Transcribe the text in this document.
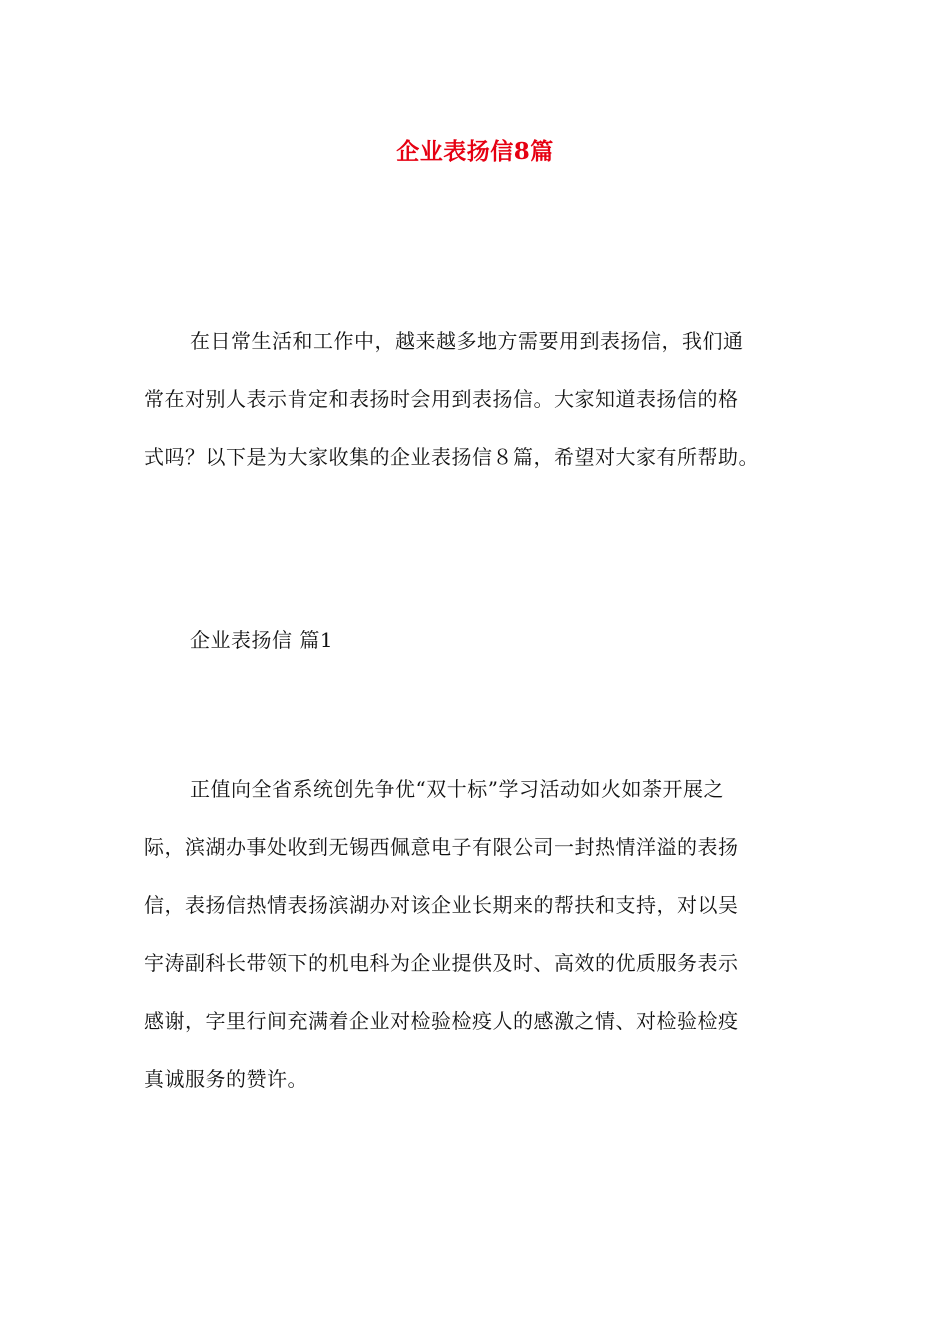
企业表扬信8篇
在日常生活和工作中，越来越多地方需要用到表扬信，我们通
常在对别人表示肯定和表扬时会用到表扬信。大家知道表扬信的格
式吗？以下是为大家收集的企业表扬信８篇，希望对大家有所帮助。
企业表扬信 篇1
正值向全省系统创先争优“双十标”学习活动如火如荼开展之
际，滨湖办事处收到无锡西佩意电子有限公司一封热情洋溢的表扬
信，表扬信热情表扬滨湖办对该企业长期来的帮扶和支持，对以吴
宇涛副科长带领下的机电科为企业提供及时、高效的优质服务表示
感谢，字里行间充满着企业对检验检疫人的感激之情、对检验检疫
真诚服务的赞许。
